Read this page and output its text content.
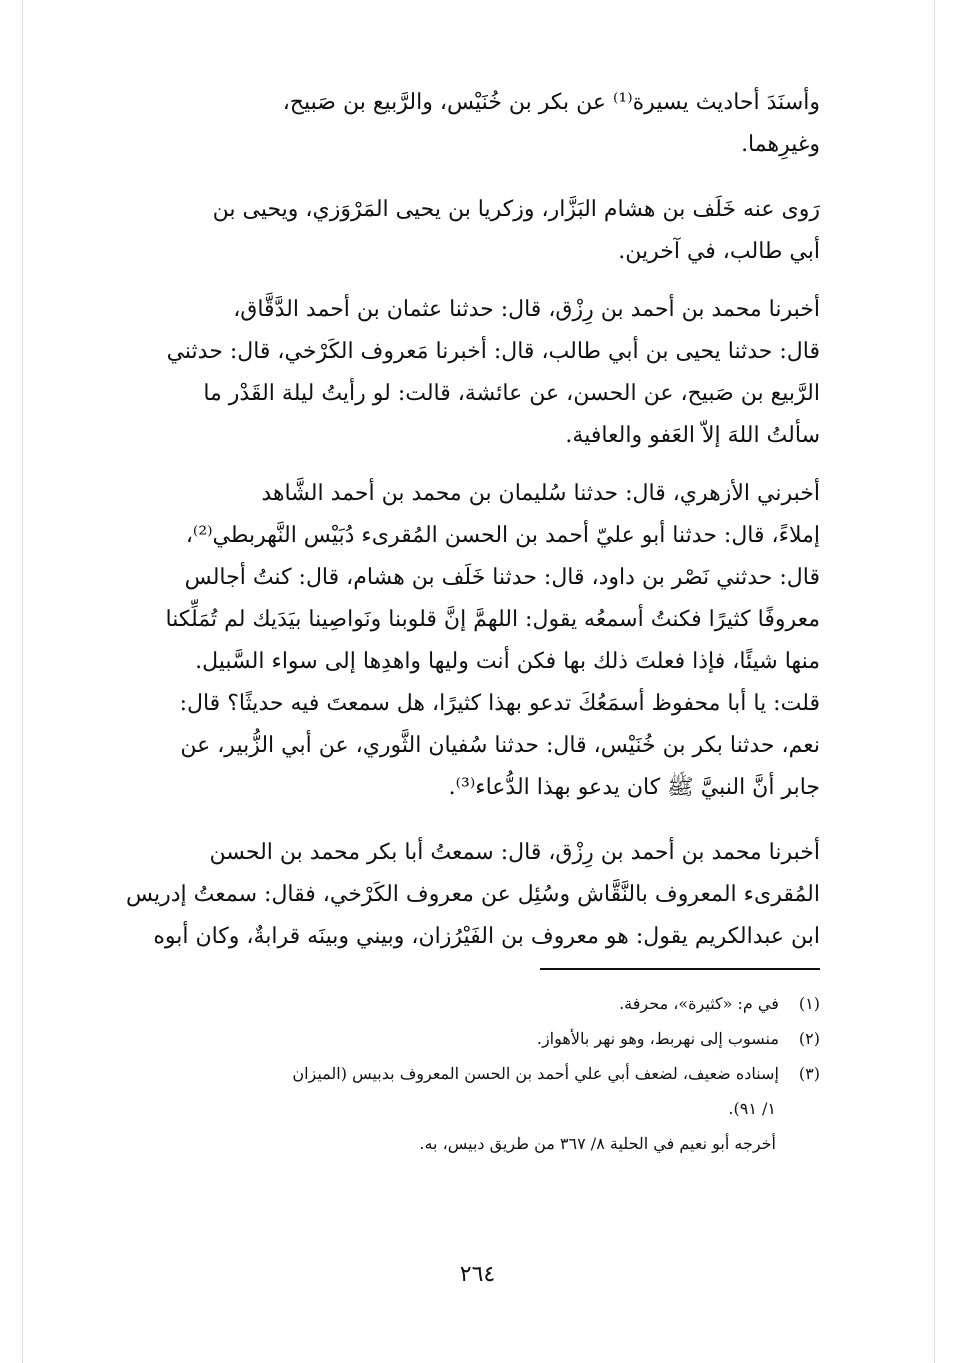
وأسنَدَ أحاديث يسيرة⁽¹⁾ عن بكر بن خُنَيْس، والرَّبيع بن صَبيح،
وغيرِهما.
رَوى عنه خَلَف بن هشام البَزَّار، وزكريا بن يحيى المَرْوَزي، ويحيى بن
أبي طالب، في آخرين.
أخبرنا محمد بن أحمد بن رِزْق، قال: حدثنا عثمان بن أحمد الدَّقَّاق،
قال: حدثنا يحيى بن أبي طالب، قال: أخبرنا مَعروف الكَرْخي، قال: حدثني
الرَّبيع بن صَبيح، عن الحسن، عن عائشة، قالت: لو رأيتُ ليلة القَدْر ما
سألتُ اللهَ إلاّ العَفو والعافية.
أخبرني الأزهري، قال: حدثنا سُليمان بن محمد بن أحمد الشَّاهد
إملاءً، قال: حدثنا أبو عليّ أحمد بن الحسن المُقرىء دُبَيْس النَّهربطي⁽²⁾،
قال: حدثني نَصْر بن داود، قال: حدثنا خَلَف بن هشام، قال: كنتُ أجالس
معروفًا كثيرًا فكنتُ أسمعُه يقول: اللهمَّ إنَّ قلوبنا ونَواصِينا بيَدَيك لم تُمَلِّكنا
منها شيئًا، فإذا فعلتَ ذلك بها فكن أنت وليها واهدِها إلى سواء السَّبيل.
قلت: يا أبا محفوظ أسمَعُكَ تدعو بهذا كثيرًا، هل سمعتَ فيه حديثًا؟ قال:
نعم، حدثنا بكر بن خُنَيْس، قال: حدثنا سُفيان الثَّوري، عن أبي الزُّبير، عن
جابر أنَّ النبيَّ ﷺ كان يدعو بهذا الدُّعاء⁽³⁾.
أخبرنا محمد بن أحمد بن رِزْق، قال: سمعتُ أبا بكر محمد بن الحسن
المُقرىء المعروف بالنَّقَّاش وسُئِل عن معروف الكَرْخي، فقال: سمعتُ إدريس
ابن عبدالكريم يقول: هو معروف بن الفَيْرُزان، وبيني وبينَه قرابةٌ، وكان أبوه
(١) في م: «كثيرة»، محرفة.
(٢) منسوب إلى نهربط، وهو نهر بالأهواز.
(٣) إسناده ضعيف، لضعف أبي علي أحمد بن الحسن المعروف بدبيس (الميزان
١/ ٩١).
أخرجه أبو نعيم في الحلية ٨/ ٣٦٧ من طريق دبيس، به.
٢٦٤
